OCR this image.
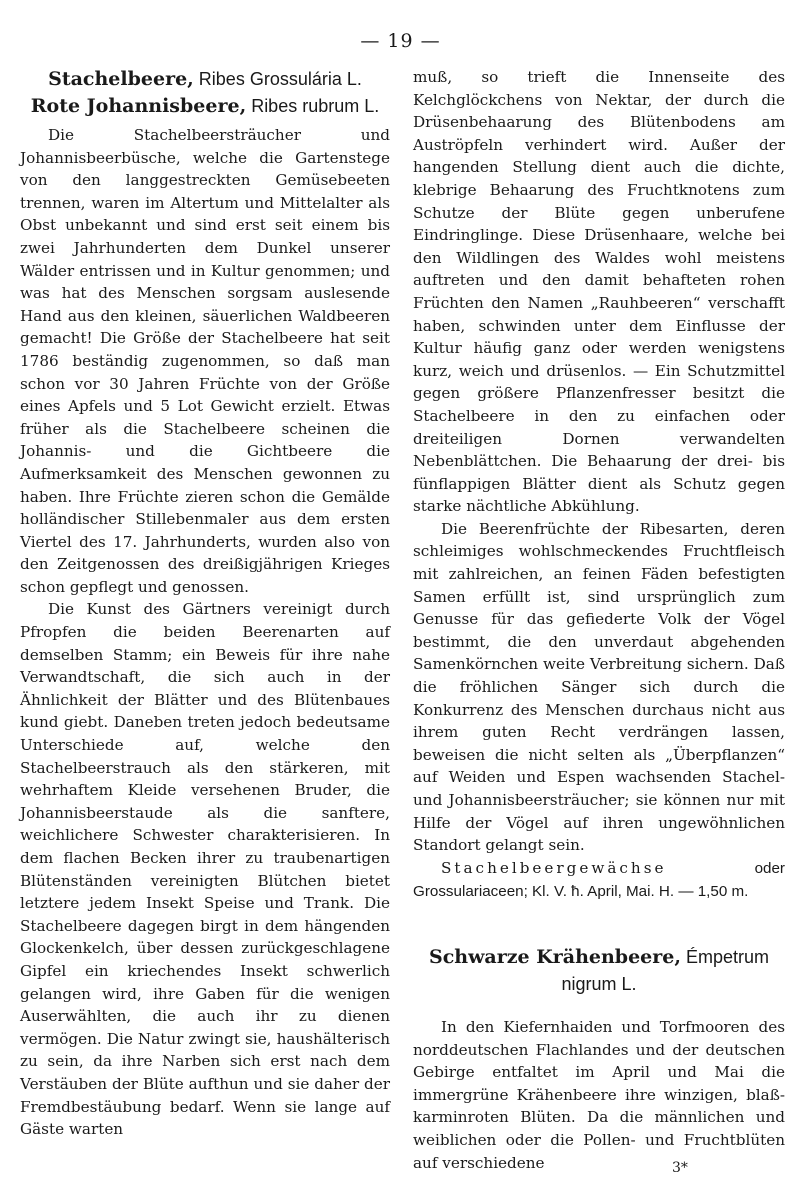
— 19 —
Stachelbeere, Ribes Grossulária L.
Rote Johannisbeere, Ribes rubrum L.

Die Stachelbeersträucher und Johannisbeerbüsche, welche die Gartenstege von den langgestreckten Gemüsebeeten trennen, waren im Altertum und Mittelalter als Obst unbekannt und sind erst seit einem bis zwei Jahrhunderten dem Dunkel unserer Wälder entrissen und in Kultur genommen; und was hat des Menschen sorgsam auslesende Hand aus den kleinen, säuerlichen Waldbeeren gemacht! Die Größe der Stachelbeere hat seit 1786 beständig zugenommen, so daß man schon vor 30 Jahren Früchte von der Größe eines Apfels und 5 Lot Gewicht erzielt. Etwas früher als die Stachelbeere scheinen die Johannis- und die Gichtbeere die Aufmerksamkeit des Menschen gewonnen zu haben. Ihre Früchte zieren schon die Gemälde holländischer Stillebenmaler aus dem ersten Viertel des 17. Jahrhunderts, wurden also von den Zeitgenossen des dreißigjährigen Krieges schon gepflegt und genossen.

Die Kunst des Gärtners vereinigt durch Pfropfen die beiden Beerenarten auf demselben Stamm; ein Beweis für ihre nahe Verwandtschaft, die sich auch in der Ähnlichkeit der Blätter und des Blütenbaues kund giebt. Daneben treten jedoch bedeutsame Unterschiede auf, welche den Stachelbeerstrauch als den stärkeren, mit wehrhaftem Kleide versehenen Bruder, die Johannisbeerstaude als die sanftere, weichlichere Schwester charakterisieren. In dem flachen Becken ihrer zu traubenartigen Blütenständen vereinigten Blütchen bietet letztere jedem Insekt Speise und Trank. Die Stachelbeere dagegen birgt in dem hängenden Glockenkelch, über dessen zurückgeschlagene Gipfel ein kriechendes Insekt schwerlich gelangen wird, ihre Gaben für die wenigen Auserwählten, die auch ihr zu dienen vermögen. Die Natur zwingt sie, haushälterisch zu sein, da ihre Narben sich erst nach dem Verstäuben der Blüte aufthun und sie daher der Fremdbestäubung bedarf. Wenn sie lange auf Gäste warten

muß, so trieft die Innenseite des Kelchglöckchens von Nektar, der durch die Drüsenbehaarung des Blütenbodens am Auströpfeln verhindert wird. Außer der hangenden Stellung dient auch die dichte, klebrige Behaarung des Fruchtknotens zum Schutze der Blüte gegen unberufene Eindringlinge. Diese Drüsenhaare, welche bei den Wildlingen des Waldes wohl meistens auftreten und den damit behafteten rohen Früchten den Namen „Rauhbeeren“ verschafft haben, schwinden unter dem Einflusse der Kultur häufig ganz oder werden wenigstens kurz, weich und drüsenlos. — Ein Schutzmittel gegen größere Pflanzenfresser besitzt die Stachelbeere in den zu einfachen oder dreiteiligen Dornen verwandelten Nebenblättchen. Die Behaarung der drei- bis fünflappigen Blätter dient als Schutz gegen starke nächtliche Abkühlung.

Die Beerenfrüchte der Ribesarten, deren schleimiges wohlschmeckendes Fruchtfleisch mit zahlreichen, an feinen Fäden befestigten Samen erfüllt ist, sind ursprünglich zum Genusse für das gefiederte Volk der Vögel bestimmt, die den unverdaut abgehenden Samenkörnchen weite Verbreitung sichern. Daß die fröhlichen Sänger sich durch die Konkurrenz des Menschen durchaus nicht aus ihrem guten Recht verdrängen lassen, beweisen die nicht selten als „Überpflanzen“ auf Weiden und Espen wachsenden Stachel- und Johannisbeersträucher; sie können nur mit Hilfe der Vögel auf ihren ungewöhnlichen Standort gelangt sein.

Stachelbeergewächse oder Grossulariaceen; Kl. V. ħ. April, Mai. H. — 1,50 m.

Schwarze Krähenbeere, Émpetrum nigrum L.

In den Kiefernhaiden und Torfmooren des norddeutschen Flachlandes und der deutschen Gebirge entfaltet im April und Mai die immergrüne Krähenbeere ihre winzigen, blaß-karminroten Blüten. Da die männlichen und weiblichen oder die Pollen- und Fruchtblüten auf verschiedene	3*
